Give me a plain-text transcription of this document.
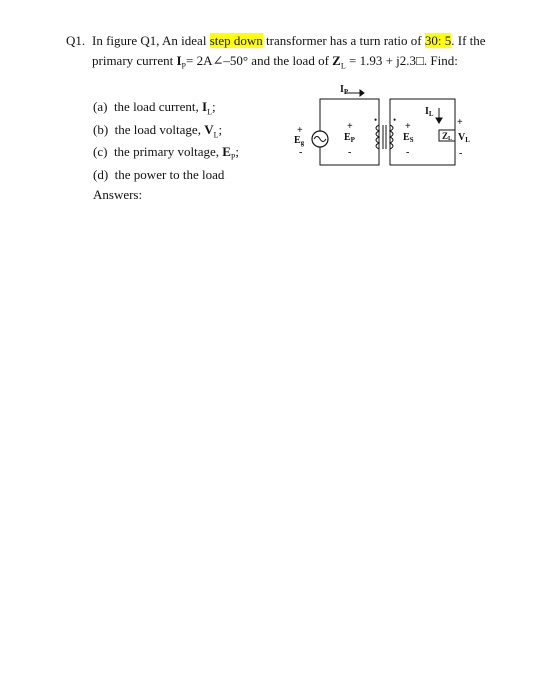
Q1. In figure Q1, An ideal step down transformer has a turn ratio of 30: 5. If the
primary current $I_P=$ 2A∠–50° and the load of $Z_L = 1.93$ + j2.3□. Find:
(a) the load current, $I_L$;
(b) the load voltage, $V_L$;
(c) the primary voltage, $E_P$;
(d) the power to the load
$I_P$
+
$E_g$
-
+
$E_P$
-
• •
+
$E_S$
-
$I_L$
ZL
+
$V_L$
-
Answers:
